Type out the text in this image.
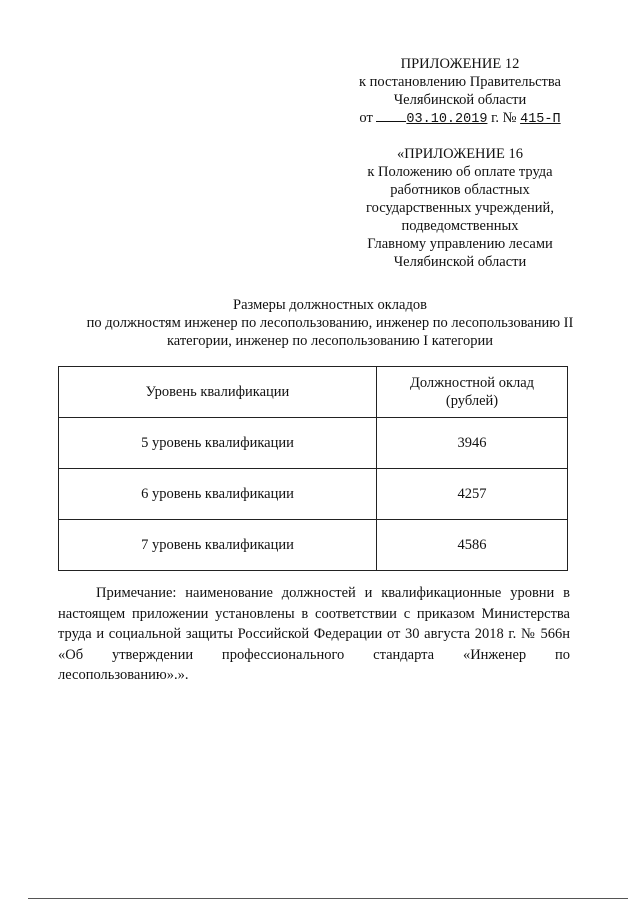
ПРИЛОЖЕНИЕ 12
к постановлению Правительства
Челябинской области
от 03.10.2019 г. № 415-П
«ПРИЛОЖЕНИЕ 16
к Положению об оплате труда
работников областных
государственных учреждений,
подведомственных
Главному управлению лесами
Челябинской области
Размеры должностных окладов
по должностям инженер по лесопользованию, инженер по лесопользованию II
категории, инженер по лесопользованию I категории
Уровень квалификации	Должностной оклад
(рублей)

5 уровень квалификации	3946
6 уровень квалификации	4257
7 уровень квалификации	4586
Примечание: наименование должностей и квалификационные уровни в настоящем приложении установлены в соответствии с приказом Министерства труда и социальной защиты Российской Федерации от 30 августа 2018 г. № 566н «Об утверждении профессионального стандарта «Инженер по лесопользованию».».
